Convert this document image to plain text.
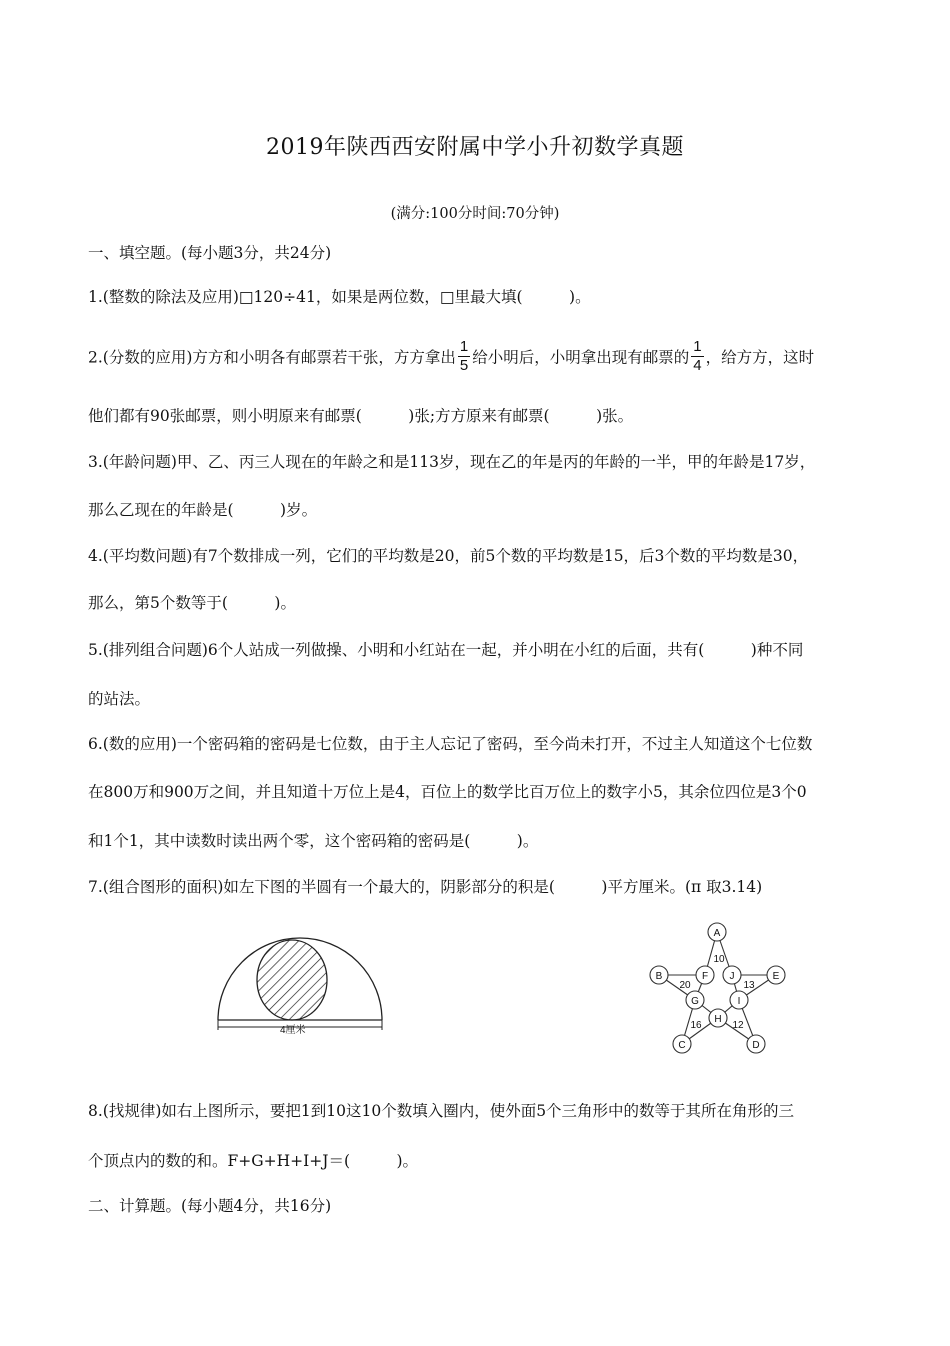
2019年陕西西安附属中学小升初数学真题
(满分:100分时间:70分钟)
一、填空题。(每小题3分，共24分)
1.(整数的除法及应用)□120÷41，如果是两位数，□里最大填(　　　)。
2.(分数的应用)方方和小明各有邮票若干张，方方拿出 $\frac{1}{5}$ 给小明后，小明拿出现有邮票的 $\frac{1}{4}$ ，给方方，这时
他们都有90张邮票，则小明原来有邮票(　　　)张;方方原来有邮票(　　　)张。
3.(年龄问题)甲、乙、丙三人现在的年龄之和是113岁，现在乙的年是丙的年龄的一半，甲的年龄是17岁，
那么乙现在的年龄是(　　　)岁。
4.(平均数问题)有7个数排成一列，它们的平均数是20，前5个数的平均数是15，后3个数的平均数是30，
那么，第5个数等于(　　　)。
5.(排列组合问题)6个人站成一列做操、小明和小红站在一起，并小明在小红的后面，共有(　　　)种不同
的站法。
6.(数的应用)一个密码箱的密码是七位数，由于主人忘记了密码，至今尚未打开，不过主人知道这个七位数
在800万和900万之间，并且知道十万位上是4，百位上的数学比百万位上的数字小5，其余位四位是3个0
和1个1，其中读数时读出两个零，这个密码箱的密码是(　　　)。
7.(组合图形的面积)如左下图的半圆有一个最大的，阴影部分的积是(　　　)平方厘米。(π 取3.14)
4厘米
A
B
C	D
E
F
G
H
I
J
10
20	13
16	12
8.(找规律)如右上图所示，要把1到10这10个数填入圈内，使外面5个三角形中的数等于其所在角形的三
个顶点内的数的和。F+G+H+I+J＝(　　　)。
二、计算题。(每小题4分，共16分)
